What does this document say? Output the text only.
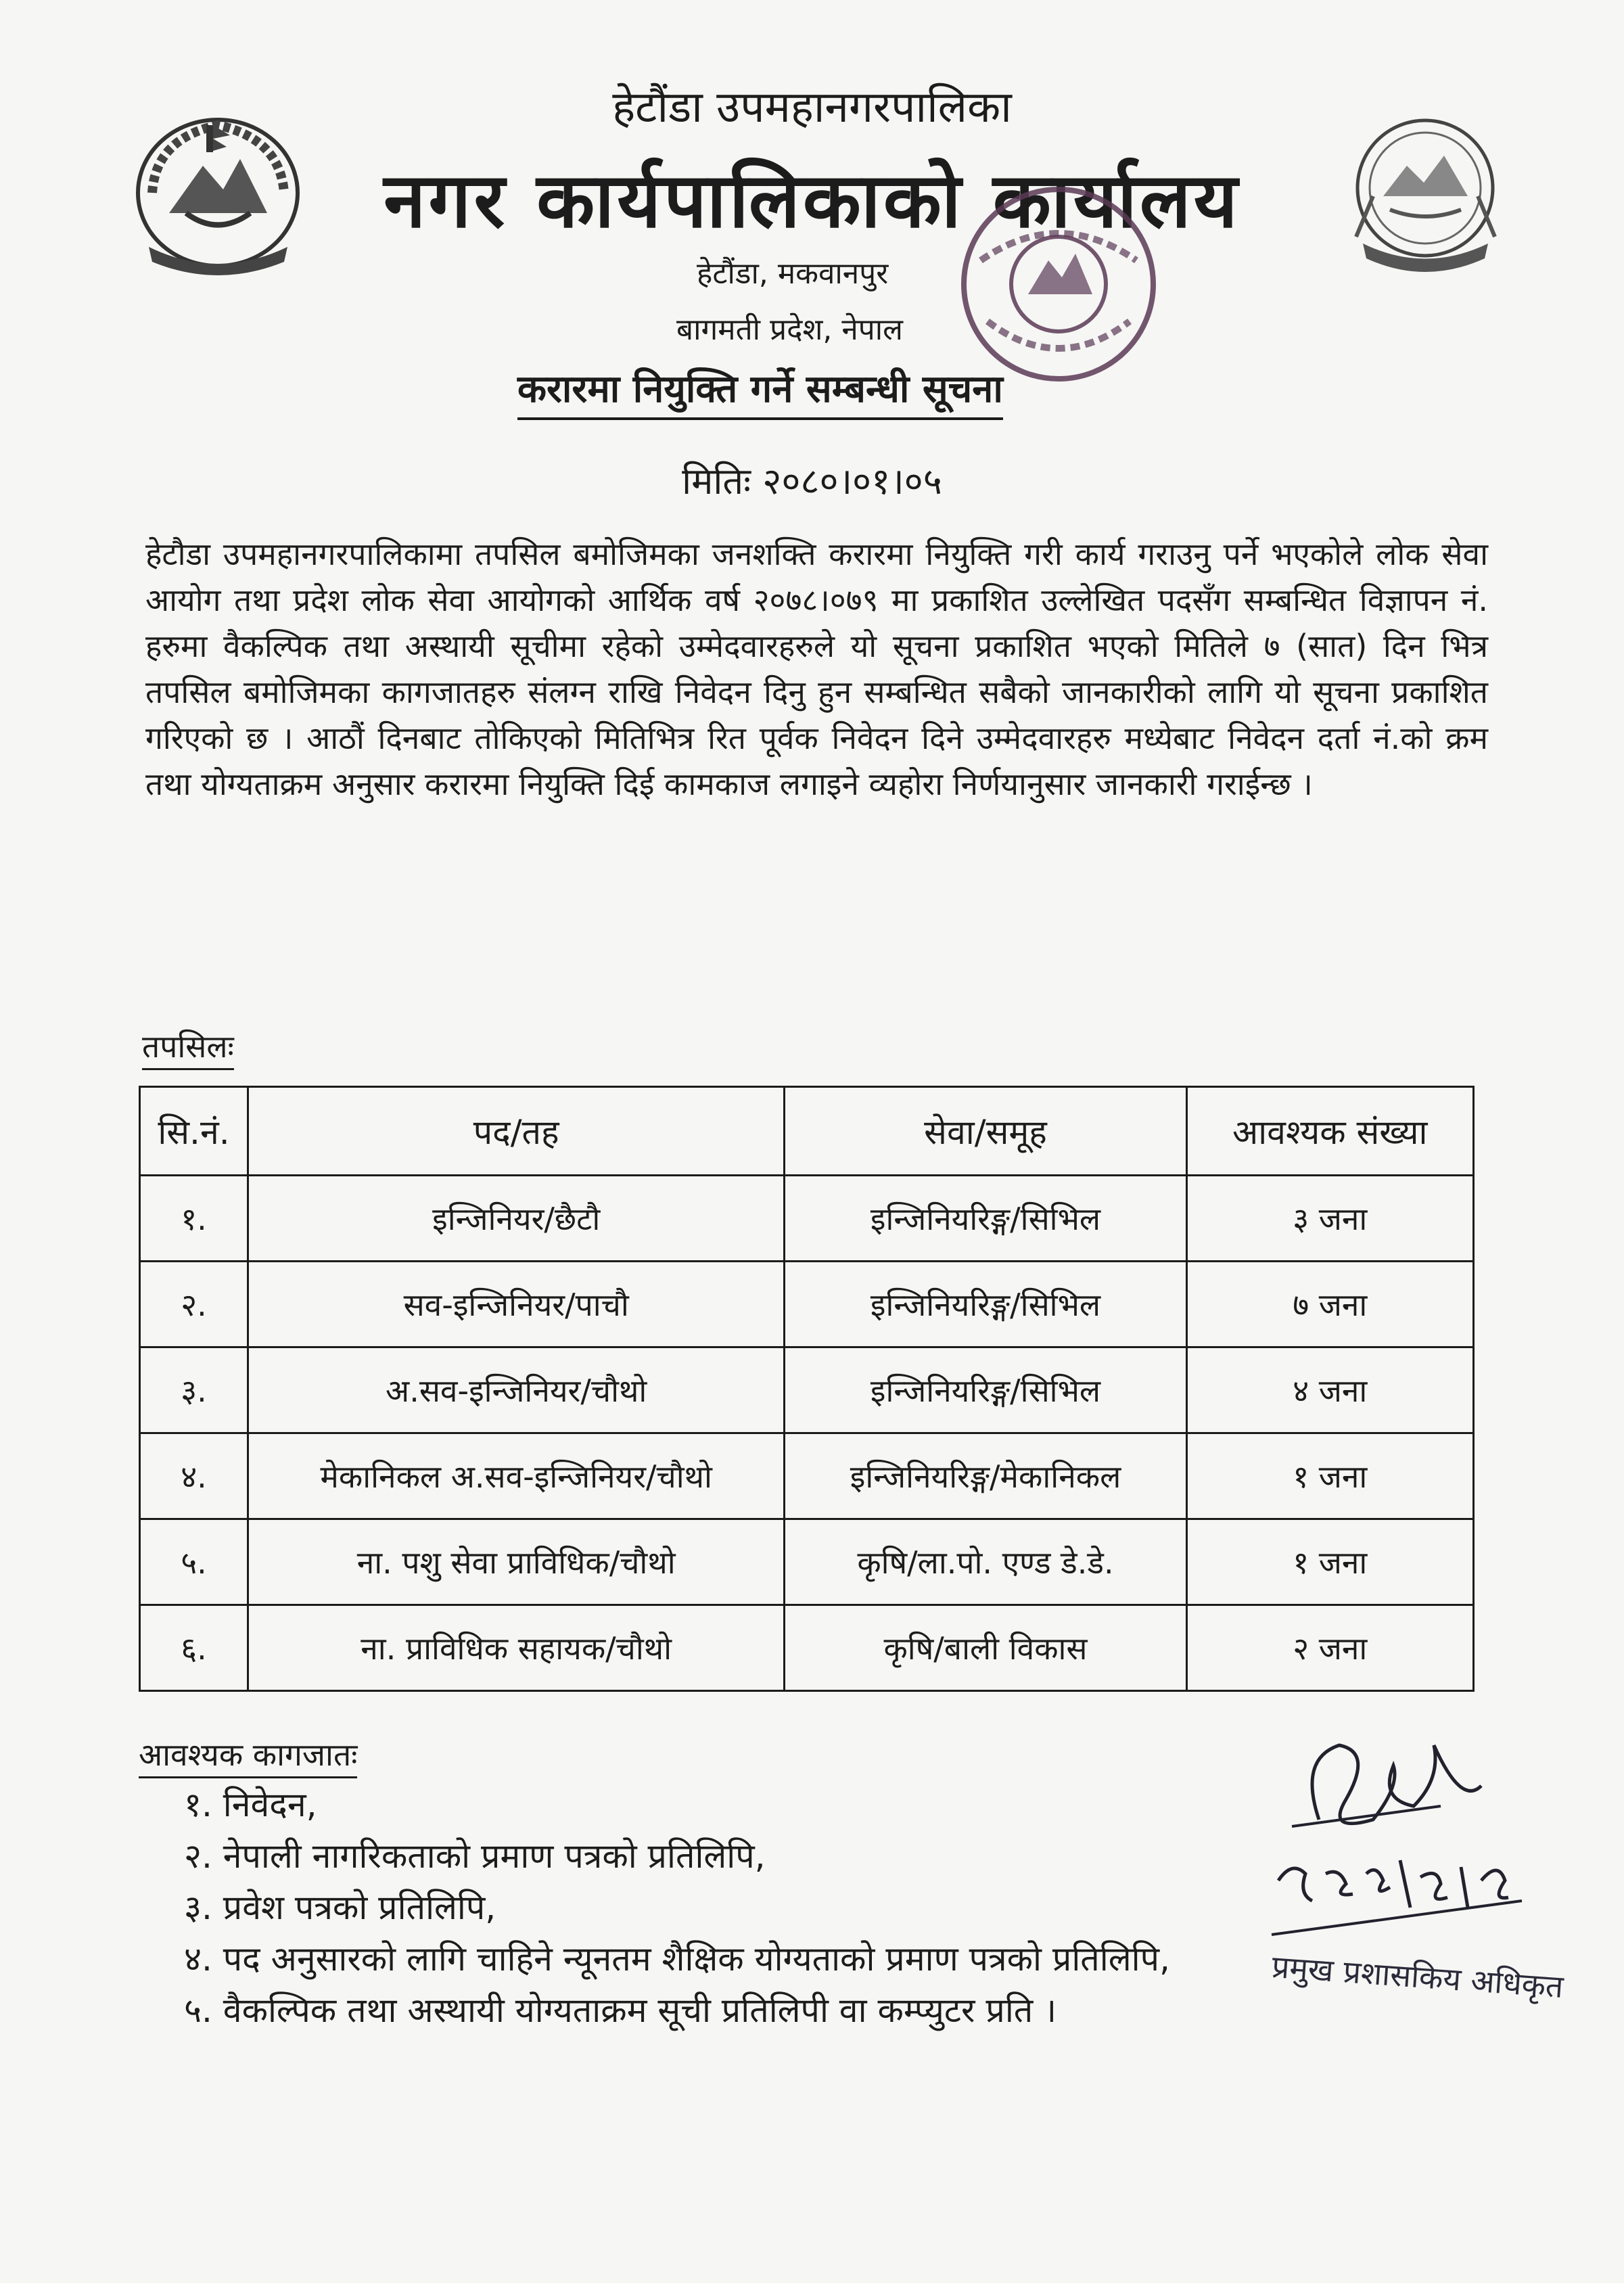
हेटौंडा उपमहानगरपालिका
नगर कार्यपालिकाको कार्यालय
हेटौंडा, मकवानपुर
बागमती प्रदेश, नेपाल
करारमा नियुक्ति गर्ने सम्बन्धी सूचना
मितिः २०८०।०१।०५
हेटौडा उपमहानगरपालिकामा तपसिल बमोजिमका जनशक्ति करारमा नियुक्ति गरी कार्य गराउनु पर्ने भएकोले लोक सेवा आयोग तथा प्रदेश लोक सेवा आयोगको आर्थिक वर्ष २०७८।०७९ मा प्रकाशित उल्लेखित पदसँग सम्बन्धित विज्ञापन नं. हरुमा वैकल्पिक तथा अस्थायी सूचीमा रहेको उम्मेदवारहरुले यो सूचना प्रकाशित भएको मितिले ७ (सात) दिन भित्र तपसिल बमोजिमका कागजातहरु संलग्न राखि निवेदन दिनु हुन सम्बन्धित सबैको जानकारीको लागि यो सूचना प्रकाशित गरिएको छ । आठौं दिनबाट तोकिएको मितिभित्र रित पूर्वक निवेदन दिने उम्मेदवारहरु मध्येबाट निवेदन दर्ता नं.को क्रम तथा योग्यताक्रम अनुसार करारमा नियुक्ति दिई कामकाज लगाइने व्यहोरा निर्णयानुसार जानकारी गराईन्छ ।
तपसिलः
सि.नं.	पद/तह	सेवा/समूह	आवश्यक संख्या
१.	इन्जिनियर/छैटौ	इन्जिनियरिङ्ग/सिभिल	३ जना
२.	सव-इन्जिनियर/पाचौ	इन्जिनियरिङ्ग/सिभिल	७ जना
३.	अ.सव-इन्जिनियर/चौथो	इन्जिनियरिङ्ग/सिभिल	४ जना
४.	मेकानिकल अ.सव-इन्जिनियर/चौथो	इन्जिनियरिङ्ग/मेकानिकल	१ जना
५.	ना. पशु सेवा प्राविधिक/चौथो	कृषि/ला.पो. एण्ड डे.डे.	१ जना
६.	ना. प्राविधिक सहायक/चौथो	कृषि/बाली विकास	२ जना
आवश्यक कागजातः
१. निवेदन,
२. नेपाली नागरिकताको प्रमाण पत्रको प्रतिलिपि,
३. प्रवेश पत्रको प्रतिलिपि,
४. पद अनुसारको लागि चाहिने न्यूनतम शैक्षिक योग्यताको प्रमाण पत्रको प्रतिलिपि,
५. वैकल्पिक तथा अस्थायी योग्यताक्रम सूची प्रतिलिपी वा कम्प्युटर प्रति ।
प्रमुख प्रशासकिय अधिकृत
